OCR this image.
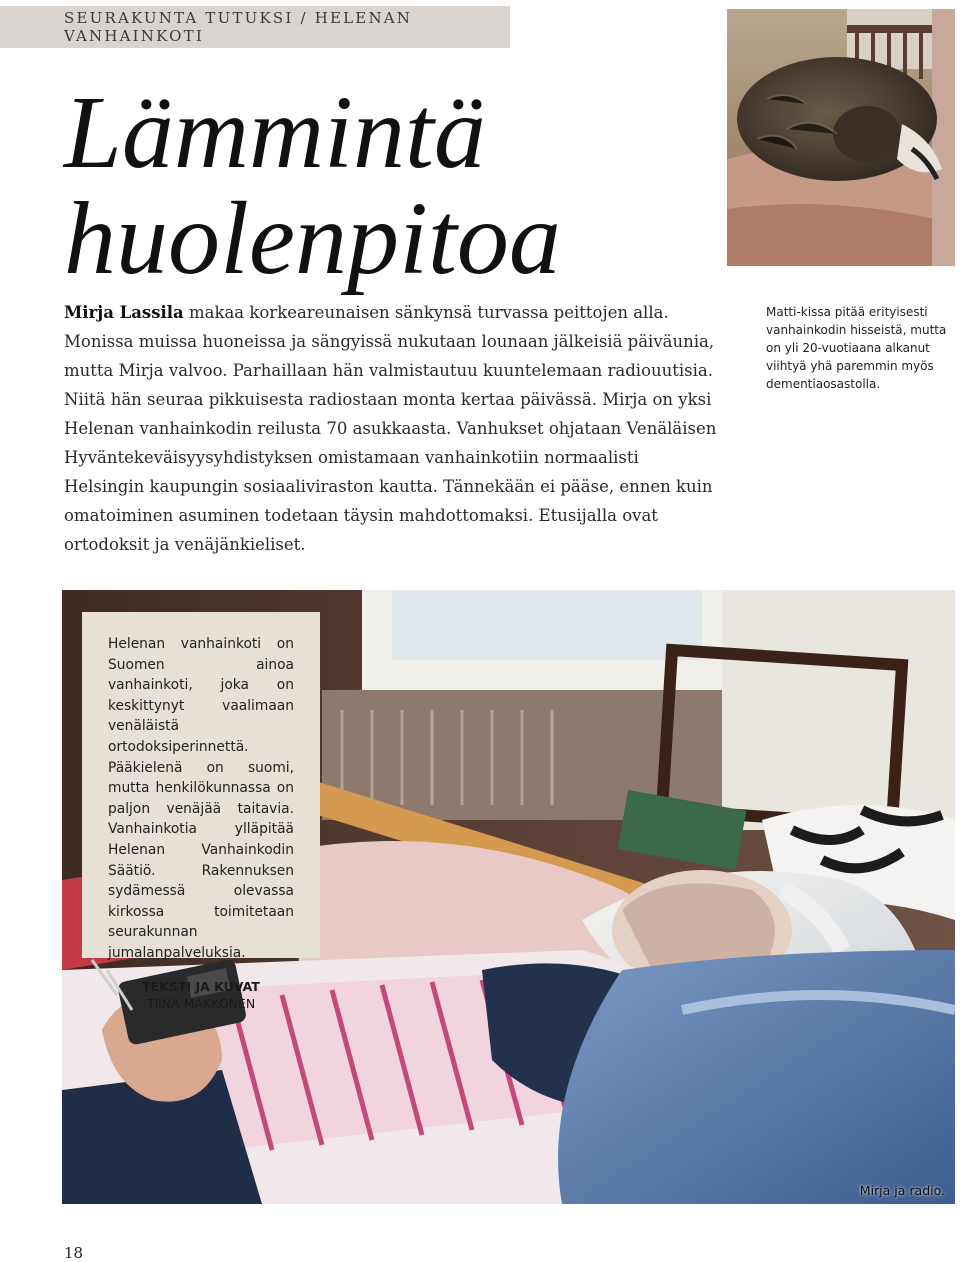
SEURAKUNTA TUTUKSI / HELENAN VANHAINKOTI
Lämmintä
huolenpitoa

Mirja Lassila makaa korkeareunaisen sänkynsä turvassa peittojen alla. Monissa muissa huoneissa ja sängyissä nukutaan lounaan jälkeisiä päiväunia, mutta Mirja valvoo. Parhaillaan hän valmistautuu kuuntelemaan radiouutisia. Niitä hän seuraa pikkuisesta radiostaan monta kertaa päivässä. Mirja on yksi Helenan vanhainkodin reilusta 70 asukkaasta. Vanhukset ohjataan Venäläisen Hyväntekeväisyysyhdistyksen omistamaan vanhainkotiin normaalisti Helsingin kaupungin sosiaaliviraston kautta. Tännekään ei pääse, ennen kuin omatoiminen asuminen todetaan täysin mahdottomaksi. Etusijalla ovat ortodoksit ja venäjänkieliset.

Matti-kissa pitää erityisesti vanhainkodin hisseistä, mutta on yli 20-vuotiaana alkanut viihtyä yhä paremmin myös dementiaosastolla.

Mirja ja radio.

Helenan vanhainkoti on Suomen ainoa vanhainkoti, joka on keskittynyt vaalimaan venäläistä ortodoksiperinnettä. Pääkielenä on suomi, mutta henkilökunnassa on paljon venäjää taitavia. Vanhainkotia ylläpitää Helenan Vanhainkodin Säätiö. Rakennuksen sydämessä olevassa kirkossa toimitetaan seurakunnan jumalanpalveluksia.

TEKSTI JA KUVAT
TIINA MAKKONEN
18
